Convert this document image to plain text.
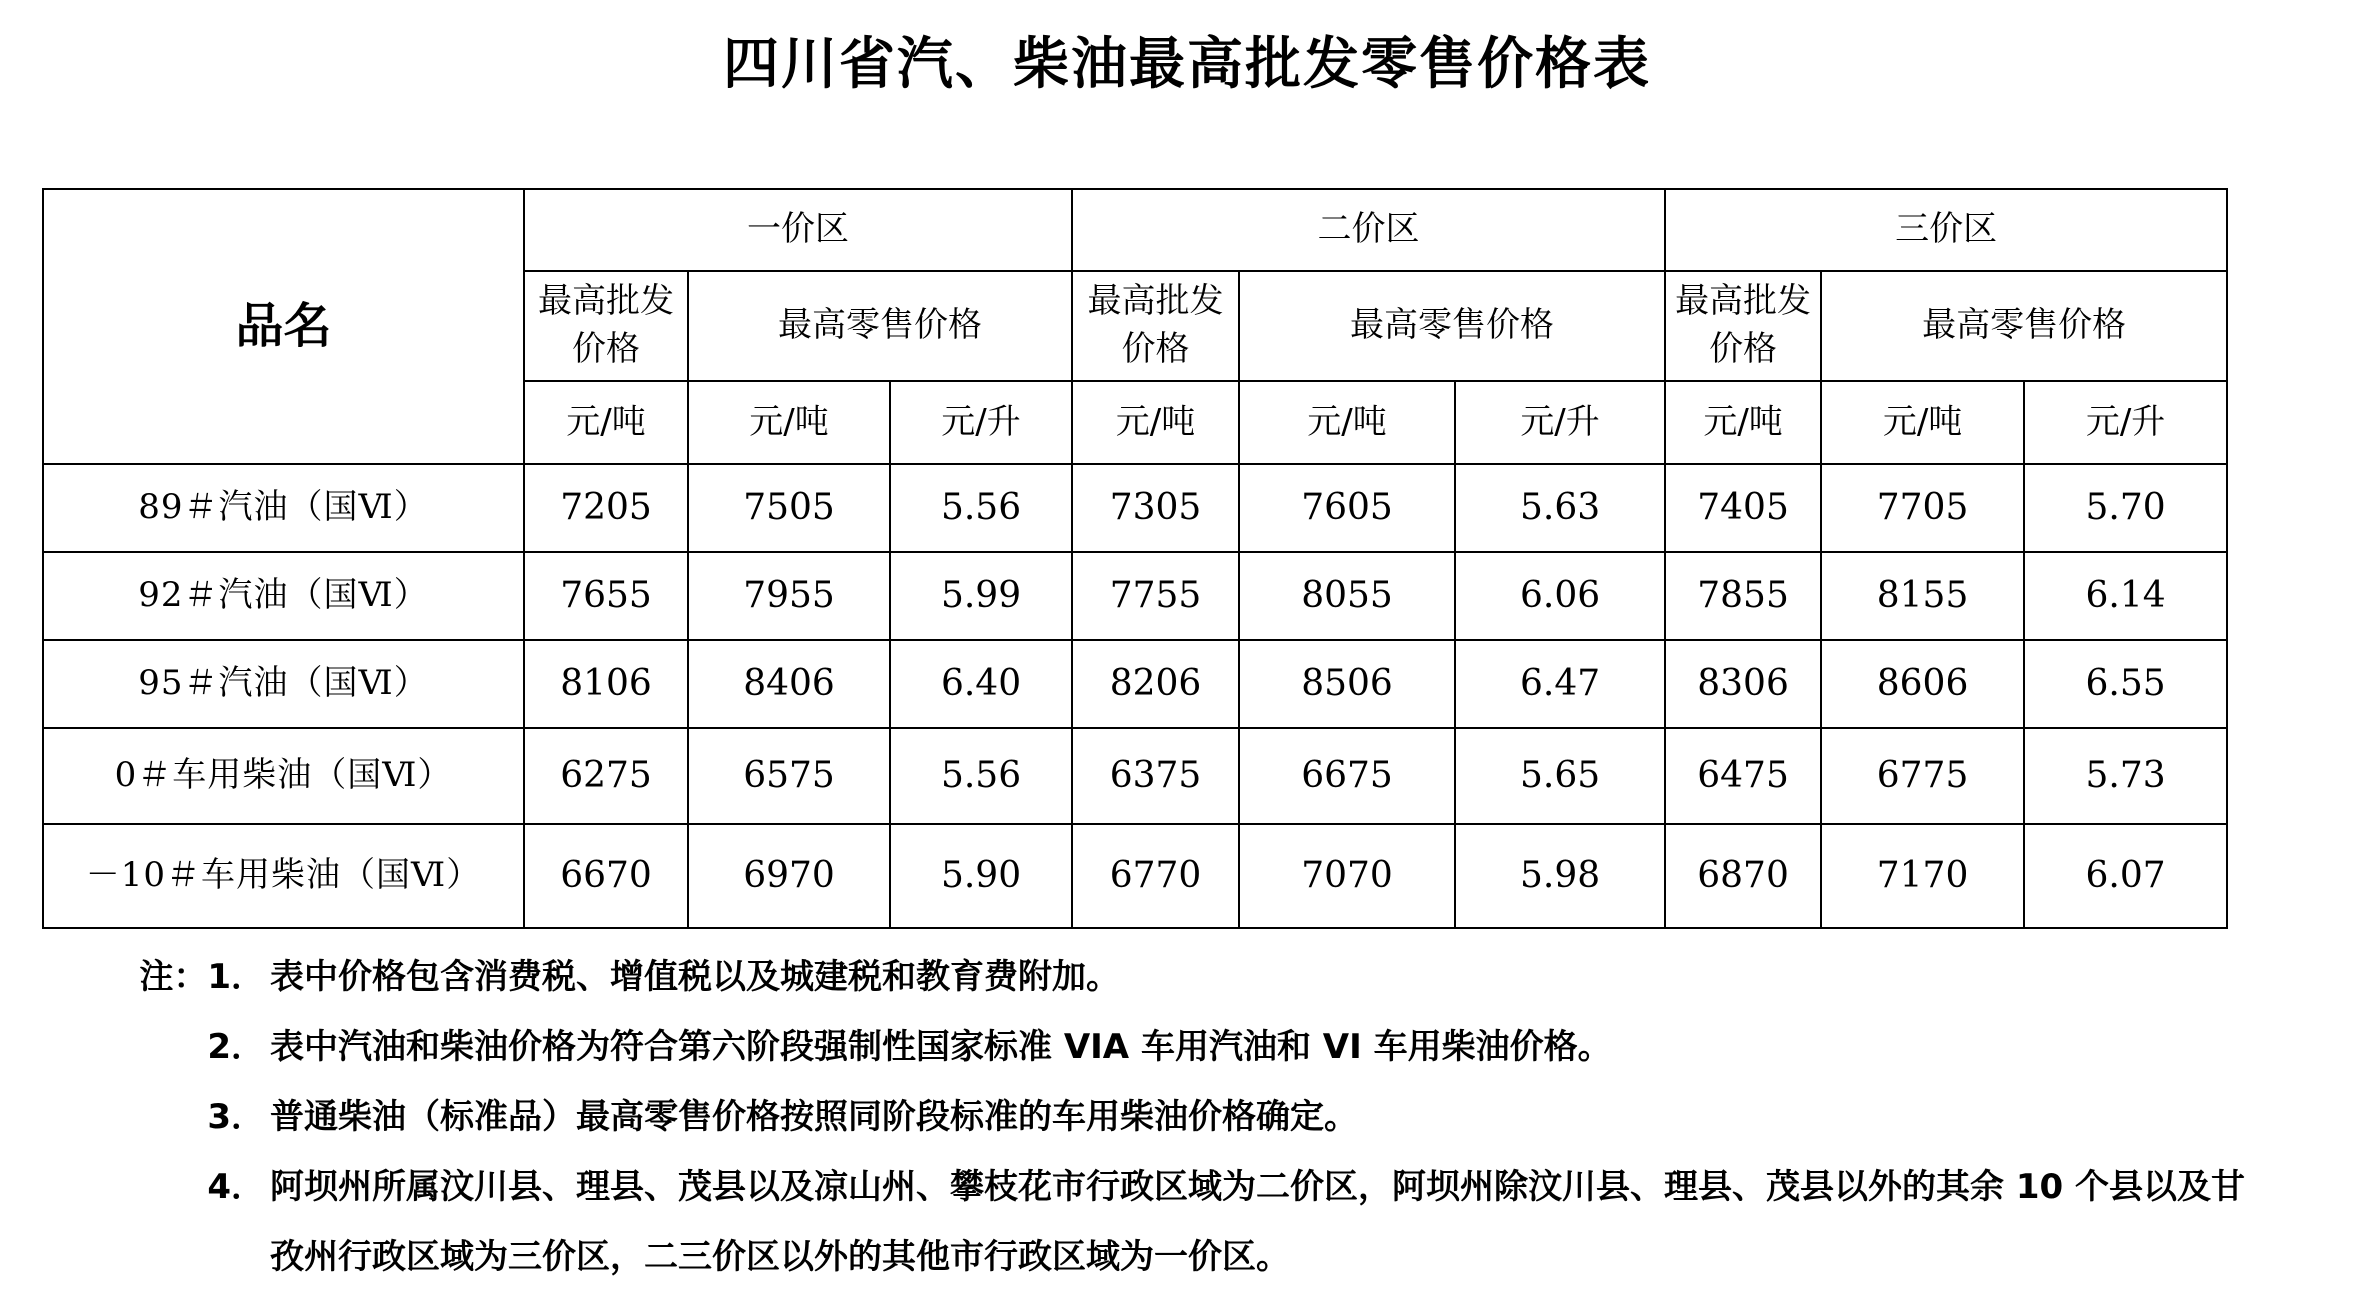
四川省汽、柴油最高批发零售价格表
品名	一价区			二价区			三价区		
	最高批发价格	最高零售价格		最高批发价格	最高零售价格		最高批发价格	最高零售价格	
	元/吨	元/吨	元/升	元/吨	元/吨	元/升	元/吨	元/吨	元/升
89＃汽油（国Ⅵ）	7205	7505	5.56	7305	7605	5.63	7405	7705	5.70
92＃汽油（国Ⅵ）	7655	7955	5.99	7755	8055	6.06	7855	8155	6.14
95＃汽油（国Ⅵ）	8106	8406	6.40	8206	8506	6.47	8306	8606	6.55
0＃车用柴油（国Ⅵ）	6275	6575	5.56	6375	6675	5.65	6475	6775	5.73
－10＃车用柴油（国Ⅵ）	6670	6970	5.90	6770	7070	5.98	6870	7170	6.07
注：1． 表中价格包含消费税、增值税以及城建税和教育费附加。
2． 表中汽油和柴油价格为符合第六阶段强制性国家标准 VIA 车用汽油和 VI 车用柴油价格。
3． 普通柴油（标准品）最高零售价格按照同阶段标准的车用柴油价格确定。
4． 阿坝州所属汶川县、理县、茂县以及凉山州、攀枝花市行政区域为二价区，阿坝州除汶川县、理县、茂县以外的其余 10 个县以及甘孜州行政区域为三价区，二三价区以外的其他市行政区域为一价区。
